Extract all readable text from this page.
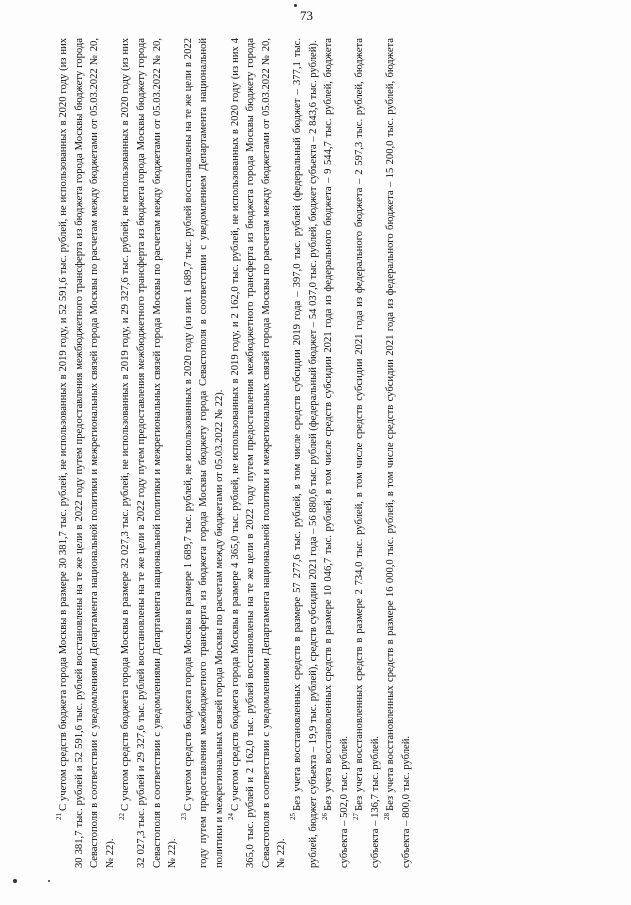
73

$^{21}$С учетом средств бюджета города Москвы в размере 30 381,7 тыс. рублей, не использованных в 2019 году, и 52 591,6 тыс. рублей, не использованных в 2020 году (из них 30 381,7 тыс. рублей и 52 591,6 тыс. рублей восстановлены на те же цели в 2022 году путем предоставления межбюджетного трансферта из бюджета города Москвы бюджету города Севастополя в соответствии с уведомлениями Департамента национальной политики и межрегиональных связей города Москвы по расчетам между бюджетами от 05.03.2022 № 20, № 22).

$^{22}$С учетом средств бюджета города Москвы в размере 32 027,3 тыс. рублей, не использованных в 2019 году, и 29 327,6 тыс. рублей, не использованных в 2020 году (из них 32 027,3 тыс. рублей и 29 327,6 тыс. рублей восстановлены на те же цели в 2022 году путем предоставления межбюджетного трансферта из бюджета города Москвы бюджету города Севастополя в соответствии с уведомлениями Департамента национальной политики и межрегиональных связей города Москвы по расчетам между бюджетами от 05.03.2022 № 20, № 22).

$^{23}$С учетом средств бюджета города Москвы в размере 1 689,7 тыс. рублей, не использованных в 2020 году (из них 1 689,7 тыс. рублей восстановлены на те же цели в 2022 году путем предоставления межбюджетного трансферта из бюджета города Москвы бюджету города Севастополя в соответствии с уведомлением Департамента национальной политики и межрегиональных связей города Москвы по расчетам между бюджетами от 05.03.2022 № 22). $^{24}$С учетом средств бюджета города Москвы в размере 4 365,0 тыс. рублей, не использованных в 2019 году, и 2 162,0 тыс. рублей, не использованных в 2020 году (из них 4 365,0 тыс. рублей и 2 162,0 тыс. рублей восстановлены на те же цели в 2022 году путем предоставления межбюджетного трансферта из бюджета города Москвы бюджету города Севастополя в соответствии с уведомлениями Департамента национальной политики и межрегиональных связей города Москвы по расчетам между бюджетами от 05.03.2022 № 20, № 22).

$^{25}$Без учета восстановленных средств в размере 57 277,6 тыс. рублей, в том числе средств субсидии 2019 года – 397,0 тыс. рублей (федеральный бюджет – 377,1 тыс. рублей, бюджет субъекта – 19,9 тыс. рублей), средств субсидии 2021 года – 56 880,6 тыс. рублей (федеральный бюджет – 54 037,0 тыс. рублей, бюджет субъекта – 2 843,6 тыс. рублей). $^{26}$Без учета восстановленных средств в размере 10 046,7 тыс. рублей, в том числе средств субсидии 2021 года из федерального бюджета – 9 544,7 тыс. рублей, бюджета субъекта – 502,0 тыс. рублей. $^{27}$Без учета восстановленных средств в размере 2 734,0 тыс. рублей, в том числе средств субсидии 2021 года из федерального бюджета – 2 597,3 тыс. рублей, бюджета субъекта – 136,7 тыс. рублей. $^{28}$Без учета восстановленных средств в размере 16 000,0 тыс. рублей, в том числе средств субсидии 2021 года из федерального бюджета – 15 200,0 тыс. рублей, бюджета субъекта – 800,0 тыс. рублей.
